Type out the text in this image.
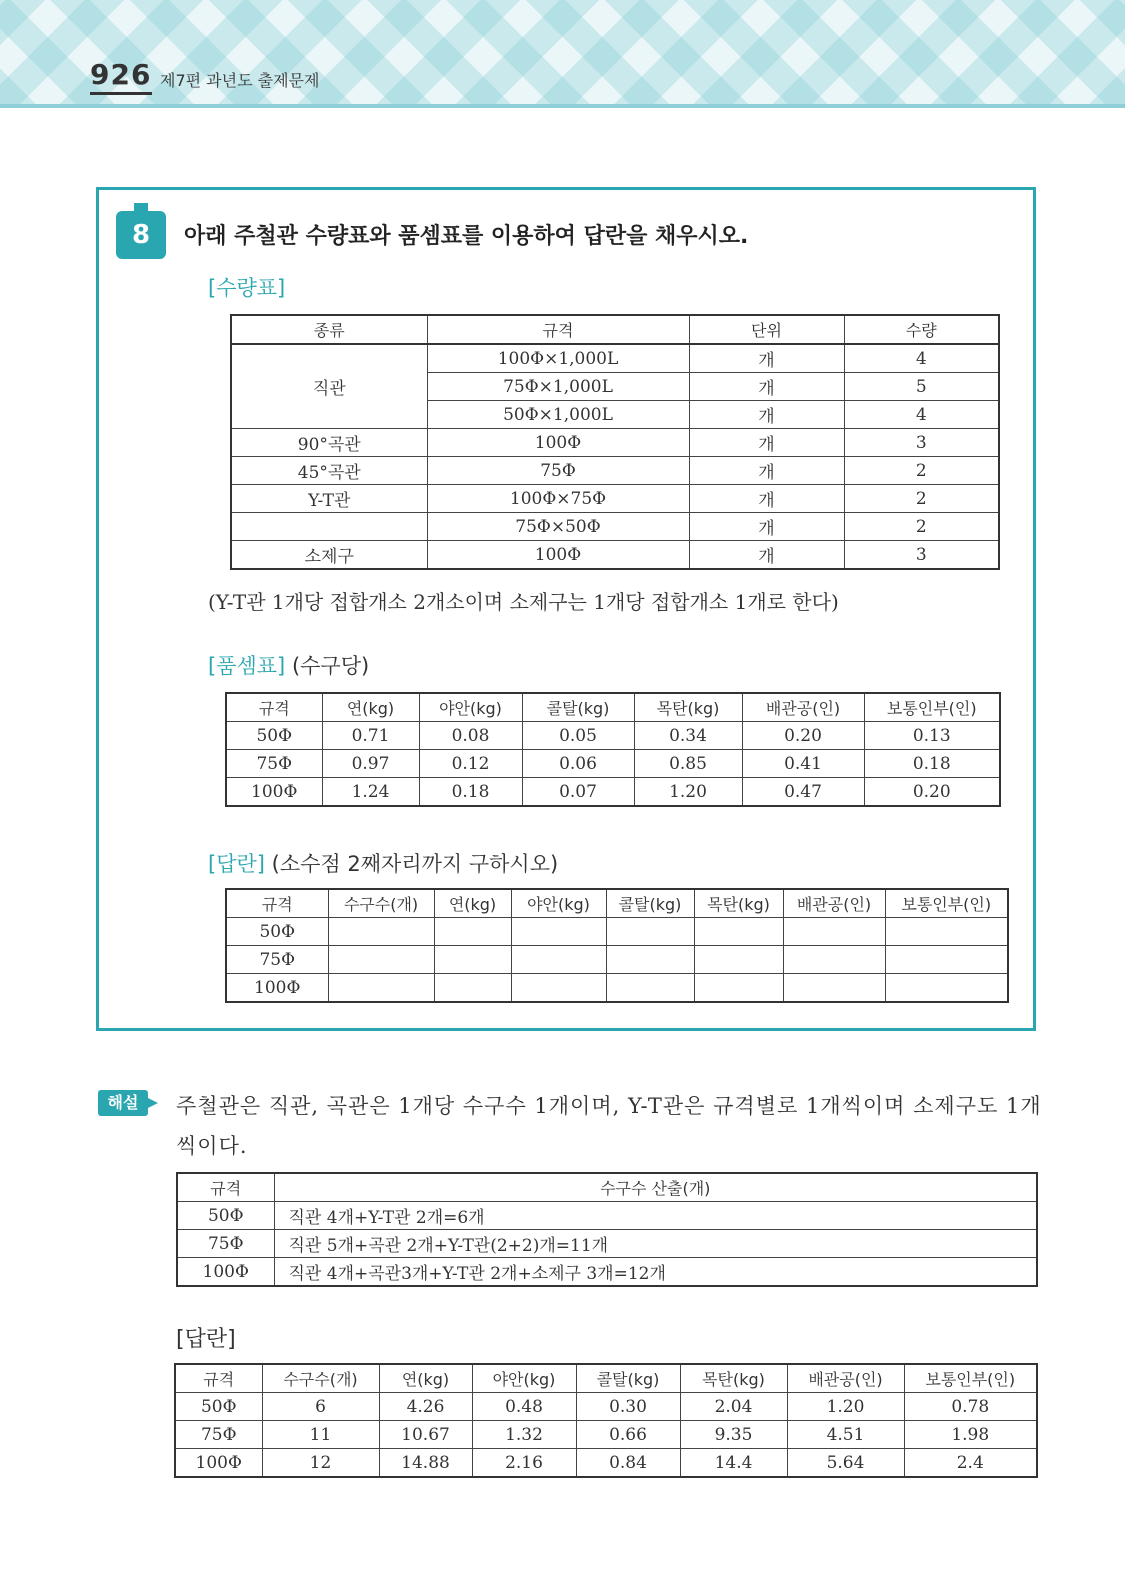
926 제7편 과년도 출제문제
8	아래 주철관 수량표와 품셈표를 이용하여 답란을 채우시오.
[수량표]
종류	규격	단위	수량
직관	100Φ×1,000L	개	4
	75Φ×1,000L	개	5
	50Φ×1,000L	개	4
90°곡관	100Φ	개	3
45°곡관	75Φ	개	2
Y-T관	100Φ×75Φ	개	2
	75Φ×50Φ	개	2
소제구	100Φ	개	3
(Y-T관 1개당 접합개소 2개소이며 소제구는 1개당 접합개소 1개로 한다)
[품셈표] (수구당)
규격	연(kg)	야안(kg)	콜탈(kg)	목탄(kg)	배관공(인)	보통인부(인)
50Φ	0.71	0.08	0.05	0.34	0.20	0.13
75Φ	0.97	0.12	0.06	0.85	0.41	0.18
100Φ	1.24	0.18	0.07	1.20	0.47	0.20
[답란] (소수점 2째자리까지 구하시오)
규격	수구수(개)	연(kg)	야안(kg)	콜탈(kg)	목탄(kg)	배관공(인)	보통인부(인)
50Φ							
75Φ							
100Φ							
해설	주철관은 직관, 곡관은 1개당 수구수 1개이며, Y-T관은 규격별로 1개씩이며 소제구도 1개씩이다.
규격	수구수 산출(개)
50Φ	직관 4개+Y-T관 2개=6개
75Φ	직관 5개+곡관 2개+Y-T관(2+2)개=11개
100Φ	직관 4개+곡관3개+Y-T관 2개+소제구 3개=12개
[답란]
규격	수구수(개)	연(kg)	야안(kg)	콜탈(kg)	목탄(kg)	배관공(인)	보통인부(인)
50Φ	6	4.26	0.48	0.30	2.04	1.20	0.78
75Φ	11	10.67	1.32	0.66	9.35	4.51	1.98
100Φ	12	14.88	2.16	0.84	14.4	5.64	2.4
